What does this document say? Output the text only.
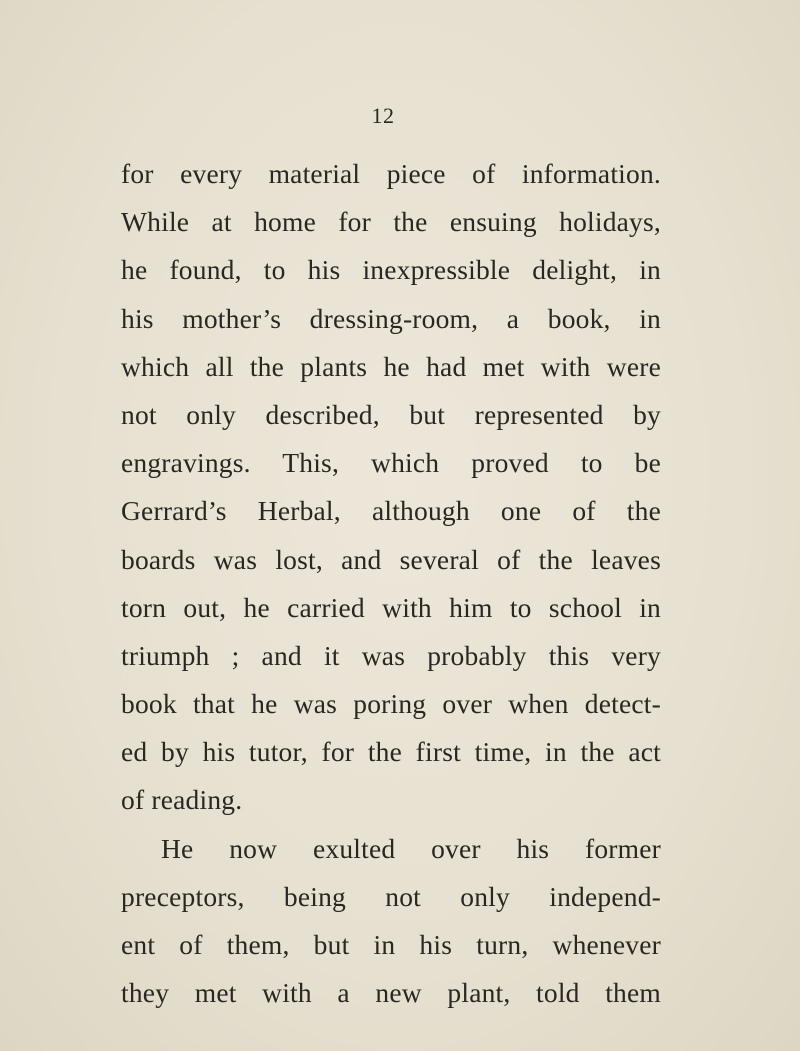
12
for every material piece of information.
While at home for the ensuing holidays,
he found, to his inexpressible delight, in
his mother’s dressing-room, a book, in
which all the plants he had met with were
not only described, but represented by
engravings. This, which proved to be
Gerrard’s Herbal, although one of the
boards was lost, and several of the leaves
torn out, he carried with him to school in
triumph ; and it was probably this very
book that he was poring over when detect-
ed by his tutor, for the first time, in the act
of reading.
He now exulted over his former
preceptors, being not only independ-
ent of them, but in his turn, whenever
they met with a new plant, told them
